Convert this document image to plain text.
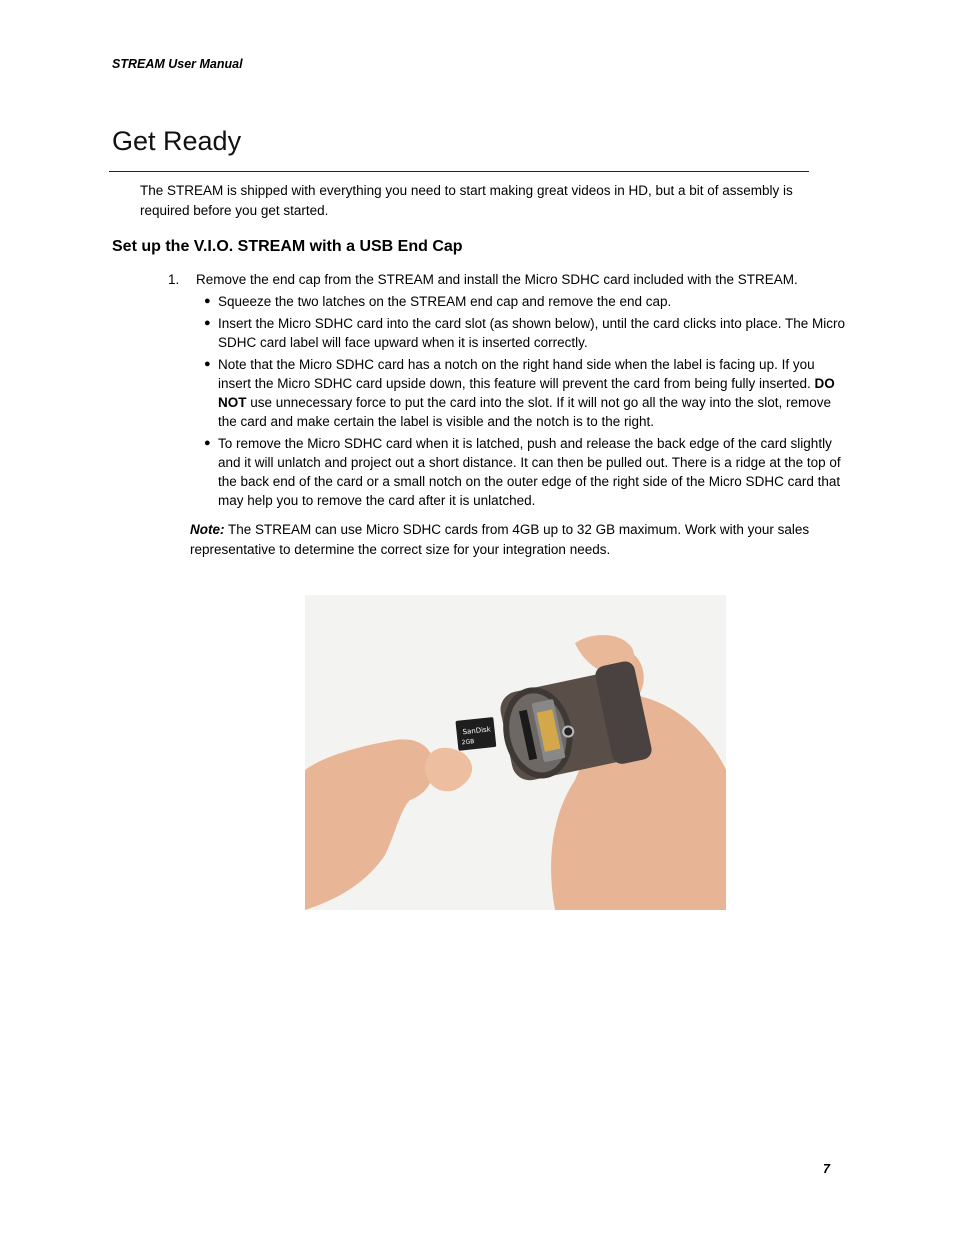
STREAM User Manual
Get Ready

The STREAM is shipped with everything you need to start making great videos in HD, but a bit of assembly is required before you get started.

Set up the V.I.O. STREAM with a USB End Cap
1. Remove the end cap from the STREAM and install the Micro SDHC card included with the STREAM.
● Squeeze the two latches on the STREAM end cap and remove the end cap.
● Insert the Micro SDHC card into the card slot (as shown below), until the card clicks into place. The Micro SDHC card label will face upward when it is inserted correctly.
● Note that the Micro SDHC card has a notch on the right hand side when the label is facing up. If you insert the Micro SDHC card upside down, this feature will prevent the card from being fully inserted. DO NOT use unnecessary force to put the card into the slot. If it will not go all the way into the slot, remove the card and make certain the label is visible and the notch is to the right.
● To remove the Micro SDHC card when it is latched, push and release the back edge of the card slightly and it will unlatch and project out a short distance. It can then be pulled out. There is a ridge at the top of the back end of the card or a small notch on the outer edge of the right side of the Micro SDHC card that may help you to remove the card after it is unlatched.

Note: The STREAM can use Micro SDHC cards from 4GB up to 32 GB maximum. Work with your sales representative to determine the correct size for your integration needs.

SanDisk
2GB
7
